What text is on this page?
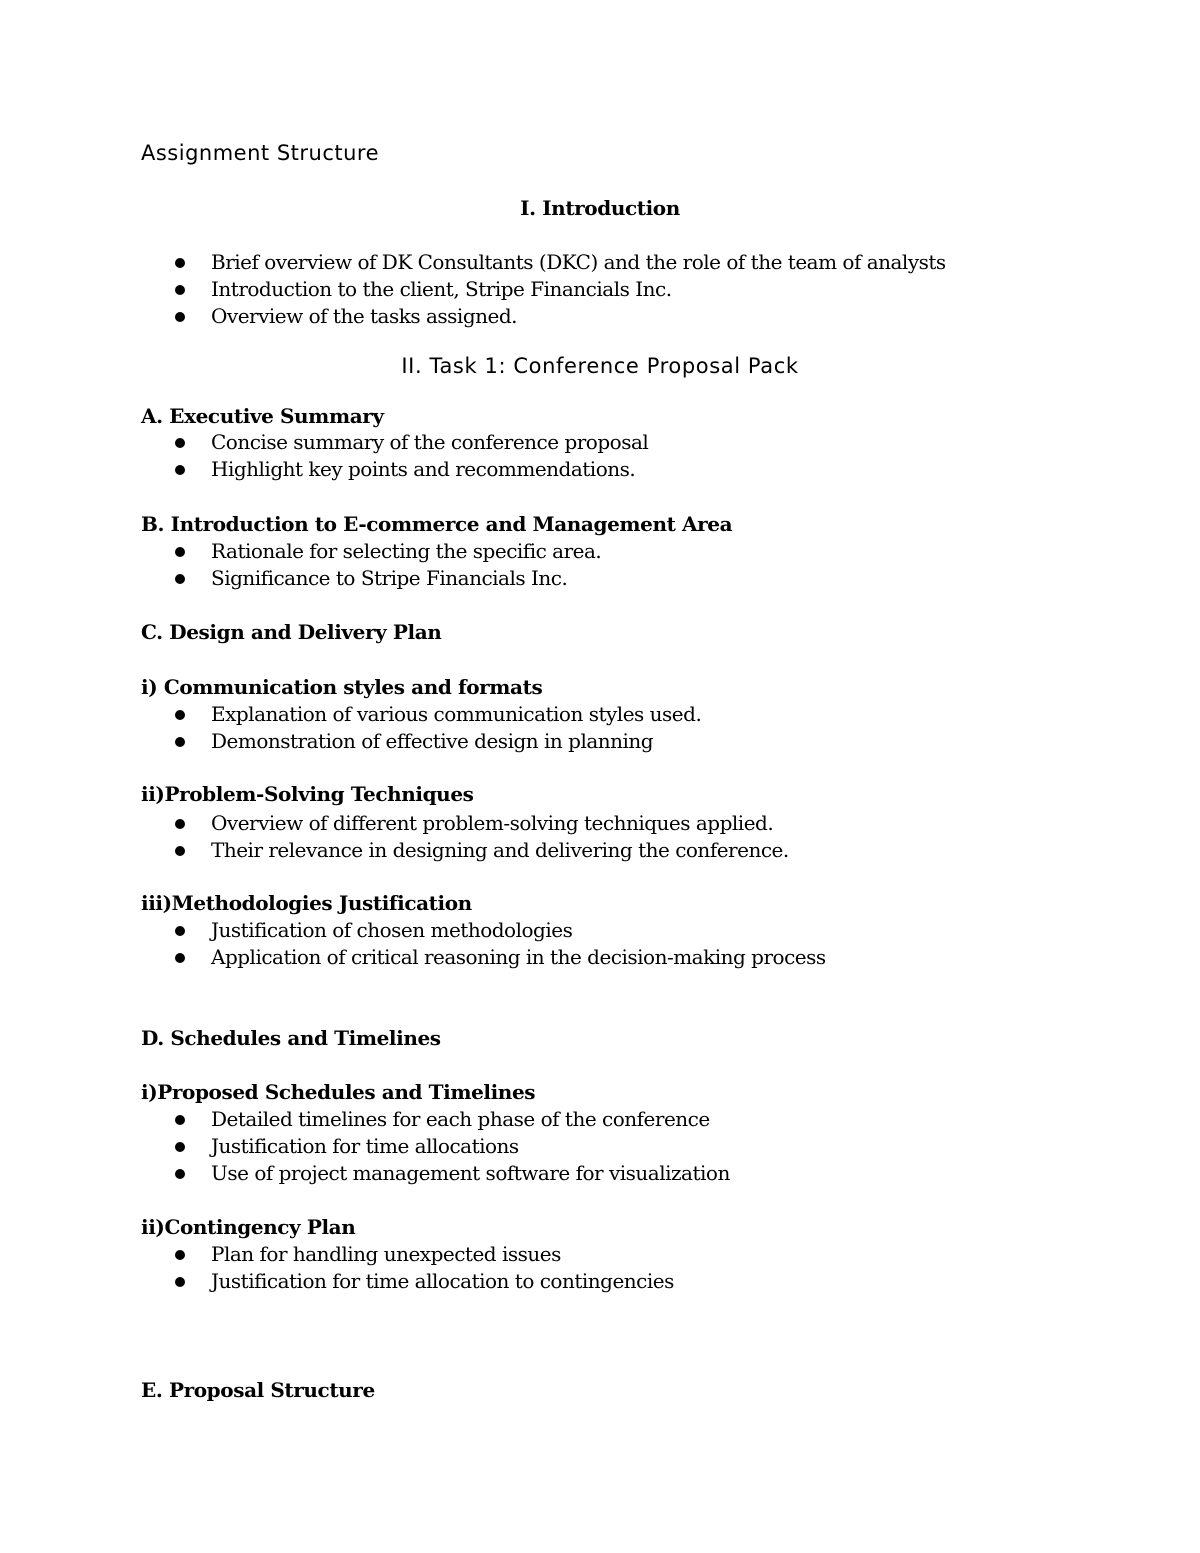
Assignment Structure
I. Introduction
Brief overview of DK Consultants (DKC) and the role of the team of analysts
Introduction to the client, Stripe Financials Inc.
Overview of the tasks assigned.
II. Task 1: Conference Proposal Pack
A. Executive Summary
Concise summary of the conference proposal
Highlight key points and recommendations.
B. Introduction to E-commerce and Management Area
Rationale for selecting the specific area.
Significance to Stripe Financials Inc.
C. Design and Delivery Plan
i) Communication styles and formats
Explanation of various communication styles used.
Demonstration of effective design in planning
ii)Problem-Solving Techniques
Overview of different problem-solving techniques applied.
Their relevance in designing and delivering the conference.
iii)Methodologies Justification
Justification of chosen methodologies
Application of critical reasoning in the decision-making process
D. Schedules and Timelines
i)Proposed Schedules and Timelines
Detailed timelines for each phase of the conference
Justification for time allocations
Use of project management software for visualization
ii)Contingency Plan
Plan for handling unexpected issues
Justification for time allocation to contingencies
E. Proposal Structure
